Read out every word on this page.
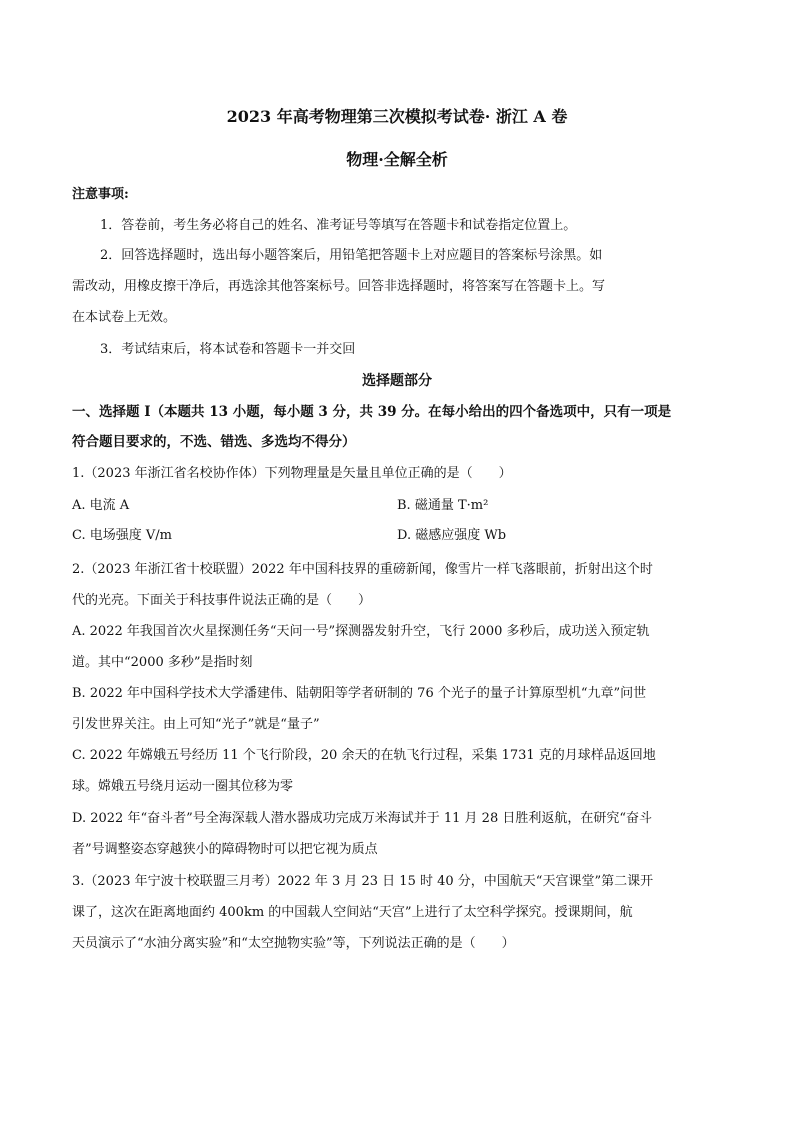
2023 年高考物理第三次模拟考试卷· 浙江 A 卷
物理·全解全析
注意事项:
1．答卷前，考生务必将自己的姓名、准考证号等填写在答题卡和试卷指定位置上。
2．回答选择题时，选出每小题答案后，用铅笔把答题卡上对应题目的答案标号涂黑。如
需改动，用橡皮擦干净后，再选涂其他答案标号。回答非选择题时，将答案写在答题卡上。写
在本试卷上无效。
3．考试结束后，将本试卷和答题卡一并交回
选择题部分
一、选择题 I（本题共 13 小题，每小题 3 分，共 39 分。在每小给出的四个备选项中，只有一项是
符合题目要求的，不选、错选、多选均不得分）
1.（2023 年浙江省名校协作体）下列物理量是矢量且单位正确的是（　　）
A. 电流 A	B. 磁通量 T·m²
C. 电场强度 V/m	D. 磁感应强度 Wb
2.（2023 年浙江省十校联盟）2022 年中国科技界的重磅新闻，像雪片一样飞落眼前，折射出这个时
代的光亮。下面关于科技事件说法正确的是（　　）
A. 2022 年我国首次火星探测任务“天问一号”探测器发射升空，飞行 2000 多秒后，成功送入预定轨
道。其中“2000 多秒”是指时刻
B. 2022 年中国科学技术大学潘建伟、陆朝阳等学者研制的 76 个光子的量子计算原型机“九章”问世
引发世界关注。由上可知“光子”就是“量子”
C. 2022 年嫦娥五号经历 11 个飞行阶段，20 余天的在轨飞行过程，采集 1731 克的月球样品返回地
球。嫦娥五号绕月运动一圈其位移为零
D. 2022 年“奋斗者”号全海深载人潜水器成功完成万米海试并于 11 月 28 日胜利返航，在研究“奋斗
者”号调整姿态穿越狭小的障碍物时可以把它视为质点
3.（2023 年宁波十校联盟三月考）2022 年 3 月 23 日 15 时 40 分，中国航天“天宫课堂”第二课开
课了，这次在距离地面约 400km 的中国载人空间站“天宫”上进行了太空科学探究。授课期间，航
天员演示了“水油分离实验”和“太空抛物实验”等，下列说法正确的是（　　）
